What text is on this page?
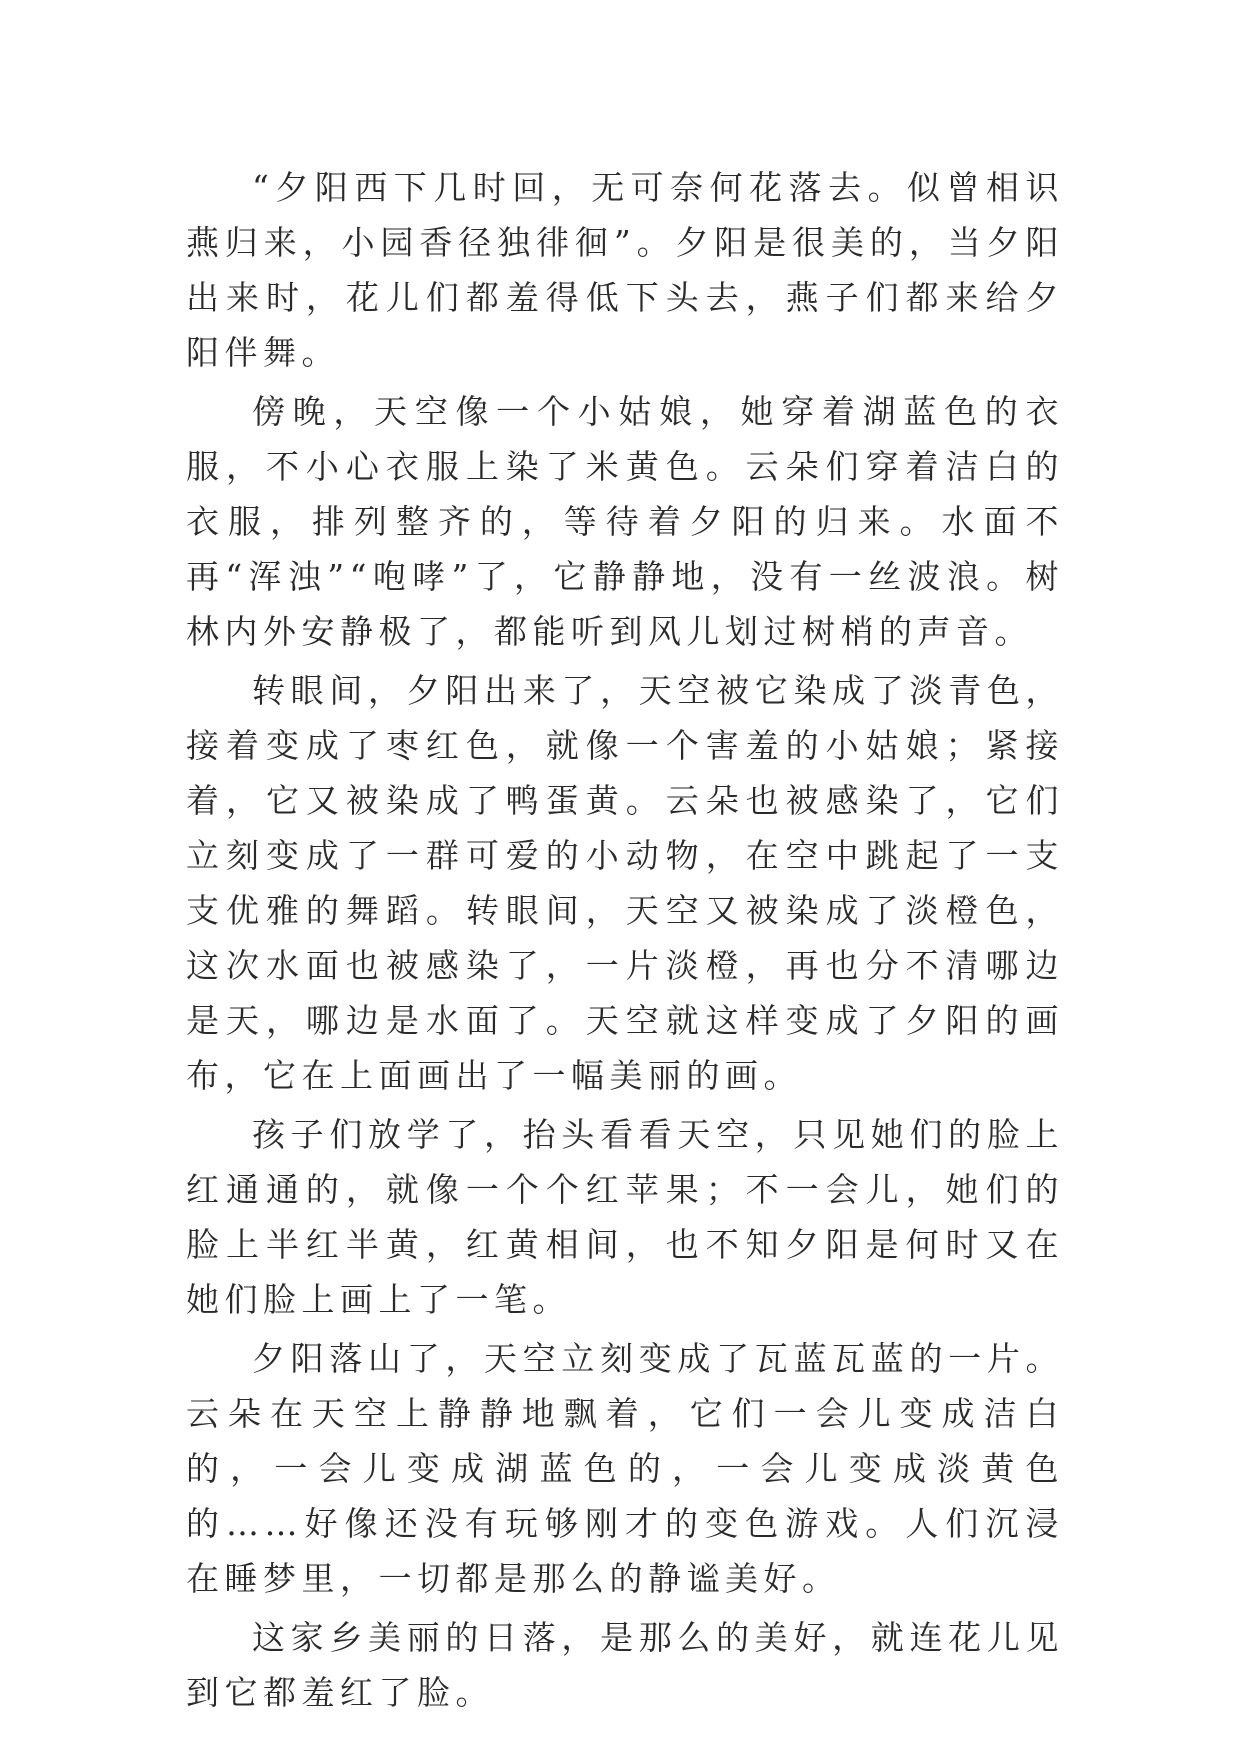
“夕阳西下几时回，无可奈何花落去。似曾相识燕归来，小园香径独徘徊”。夕阳是很美的，当夕阳出来时，花儿们都羞得低下头去，燕子们都来给夕阳伴舞。

傍晚，天空像一个小姑娘，她穿着湖蓝色的衣服，不小心衣服上染了米黄色。云朵们穿着洁白的衣服，排列整齐的，等待着夕阳的归来。水面不再“浑浊”“咆哮”了，它静静地，没有一丝波浪。树林内外安静极了，都能听到风儿划过树梢的声音。

转眼间，夕阳出来了，天空被它染成了淡青色，接着变成了枣红色，就像一个害羞的小姑娘；紧接着，它又被染成了鸭蛋黄。云朵也被感染了，它们立刻变成了一群可爱的小动物，在空中跳起了一支支优雅的舞蹈。转眼间，天空又被染成了淡橙色，这次水面也被感染了，一片淡橙，再也分不清哪边是天，哪边是水面了。天空就这样变成了夕阳的画布，它在上面画出了一幅美丽的画。

孩子们放学了，抬头看看天空，只见她们的脸上红通通的，就像一个个红苹果；不一会儿，她们的脸上半红半黄，红黄相间，也不知夕阳是何时又在她们脸上画上了一笔。

夕阳落山了，天空立刻变成了瓦蓝瓦蓝的一片。云朵在天空上静静地飘着，它们一会儿变成洁白的，一会儿变成湖蓝色的，一会儿变成淡黄色的……好像还没有玩够刚才的变色游戏。人们沉浸在睡梦里，一切都是那么的静谧美好。

这家乡美丽的日落，是那么的美好，就连花儿见到它都羞红了脸。
